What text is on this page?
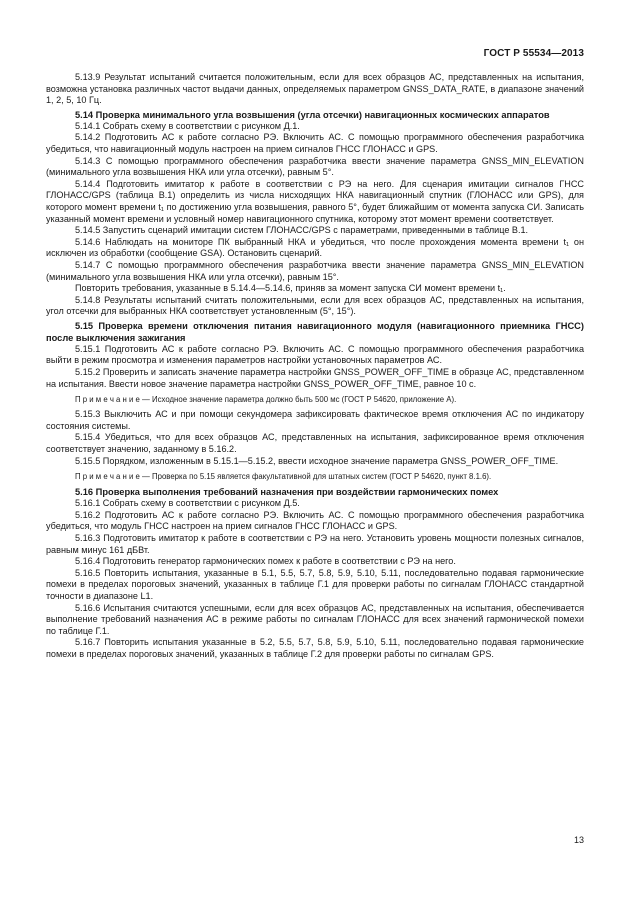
ГОСТ Р 55534—2013

5.13.9 Результат испытаний считается положительным, если для всех образцов АС, представленных на испытания, возможна установка различных частот выдачи данных, определяемых параметром GNSS_DATA_RATE, в диапазоне значений 1, 2, 5, 10 Гц.

5.14 Проверка минимального угла возвышения (угла отсечки) навигационных космических аппаратов

5.14.1 Собрать схему в соответствии с рисунком Д.1.

5.14.2 Подготовить АС к работе согласно РЭ. Включить АС. С помощью программного обеспечения разработчика убедиться, что навигационный модуль настроен на прием сигналов ГНСС ГЛОНАСС и GPS.

5.14.3 С помощью программного обеспечения разработчика ввести значение параметра GNSS_MIN_ELEVATION (минимального угла возвышения НКА или угла отсечки), равным 5°.

5.14.4 Подготовить имитатор к работе в соответствии с РЭ на него. Для сценария имитации сигналов ГНСС ГЛОНАСС/GPS (таблица В.1) определить из числа нисходящих НКА навигационный спутник (ГЛОНАСС или GPS), для которого момент времени t₁ по достижению угла возвышения, равного 5°, будет ближайшим от момента запуска СИ. Записать указанный момент времени и условный номер навигационного спутника, которому этот момент времени соответствует.

5.14.5 Запустить сценарий имитации систем ГЛОНАСС/GPS с параметрами, приведенными в таблице В.1.

5.14.6 Наблюдать на мониторе ПК выбранный НКА и убедиться, что после прохождения момента времени t₁ он исключен из обработки (сообщение GSA). Остановить сценарий.

5.14.7 С помощью программного обеспечения разработчика ввести значение параметра GNSS_MIN_ELEVATION (минимального угла возвышения НКА или угла отсечки), равным 15°.

Повторить требования, указанные в 5.14.4—5.14.6, приняв за момент запуска СИ момент времени t₁.

5.14.8 Результаты испытаний считать положительными, если для всех образцов АС, представленных на испытания, угол отсечки для выбранных НКА соответствует установленным (5°, 15°).

5.15 Проверка времени отключения питания навигационного модуля (навигационного приемника ГНСС) после выключения зажигания

5.15.1 Подготовить АС к работе согласно РЭ. Включить АС. С помощью программного обеспечения разработчика выйти в режим просмотра и изменения параметров настройки установочных параметров АС.

5.15.2 Проверить и записать значение параметра настройки GNSS_POWER_OFF_TIME в образце АС, представленном на испытания. Ввести новое значение параметра настройки GNSS_POWER_OFF_TIME, равное 10 с.

П р и м е ч а н и е — Исходное значение параметра должно быть 500 мс (ГОСТ Р 54620, приложение А).

5.15.3 Выключить АС и при помощи секундомера зафиксировать фактическое время отключения АС по индикатору состояния системы.

5.15.4 Убедиться, что для всех образцов АС, представленных на испытания, зафиксированное время отключения соответствует значению, заданному в 5.16.2.

5.15.5 Порядком, изложенным в 5.15.1—5.15.2, ввести исходное значение параметра GNSS_POWER_OFF_TIME.

П р и м е ч а н и е — Проверка по 5.15 является факультативной для штатных систем (ГОСТ Р 54620, пункт 8.1.6).

5.16 Проверка выполнения требований назначения при воздействии гармонических помех

5.16.1 Собрать схему в соответствии с рисунком Д.5.

5.16.2 Подготовить АС к работе согласно РЭ. Включить АС. С помощью программного обеспечения разработчика убедиться, что модуль ГНСС настроен на прием сигналов ГНСС ГЛОНАСС и GPS.

5.16.3 Подготовить имитатор к работе в соответствии с РЭ на него. Установить уровень мощности полезных сигналов, равным минус 161 дБВт.

5.16.4 Подготовить генератор гармонических помех к работе в соответствии с РЭ на него.

5.16.5 Повторить испытания, указанные в 5.1, 5.5, 5.7, 5.8, 5.9, 5.10, 5.11, последовательно подавая гармонические помехи в пределах пороговых значений, указанных в таблице Г.1 для проверки работы по сигналам ГЛОНАСС стандартной точности в диапазоне L1.

5.16.6 Испытания считаются успешными, если для всех образцов АС, представленных на испытания, обеспечивается выполнение требований назначения АС в режиме работы по сигналам ГЛОНАСС для всех значений гармонической помехи по таблице Г.1.

5.16.7 Повторить испытания указанные в 5.2, 5.5, 5.7, 5.8, 5.9, 5.10, 5.11, последовательно подавая гармонические помехи в пределах пороговых значений, указанных в таблице Г.2 для проверки работы по сигналам GPS.

13
